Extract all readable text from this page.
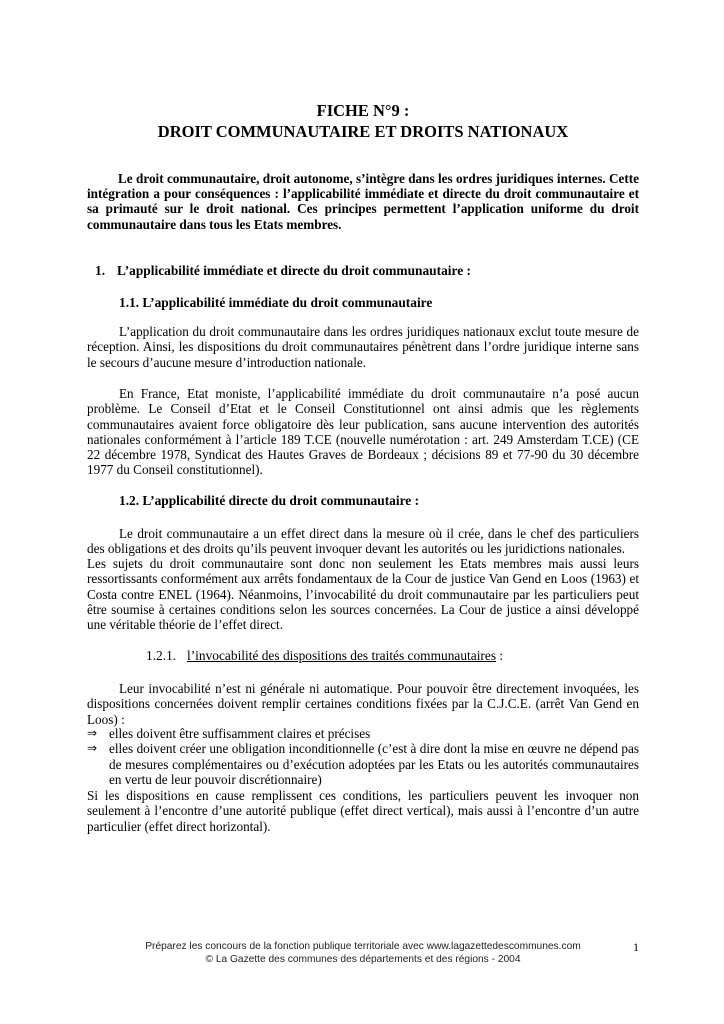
FICHE N°9 :
DROIT COMMUNAUTAIRE ET DROITS NATIONAUX

Le droit communautaire, droit autonome, s’intègre dans les ordres juridiques internes. Cette intégration a pour conséquences : l’applicabilité immédiate et directe du droit communautaire et sa primauté sur le droit national. Ces principes permettent l’application uniforme du droit communautaire dans tous les Etats membres.

1. L’applicabilité immédiate et directe du droit communautaire :
1.1. L’applicabilité immédiate du droit communautaire

L’application du droit communautaire dans les ordres juridiques nationaux exclut toute mesure de réception. Ainsi, les dispositions du droit communautaires pénètrent dans l’ordre juridique interne sans le secours d’aucune mesure d’introduction nationale.

En France, Etat moniste, l’applicabilité immédiate du droit communautaire n’a posé aucun problème. Le Conseil d’Etat et le Conseil Constitutionnel ont ainsi admis que les règlements communautaires avaient force obligatoire dès leur publication, sans aucune intervention des autorités nationales conformément à l’article 189 T.CE (nouvelle numérotation : art. 249 Amsterdam T.CE) (CE 22 décembre 1978, Syndicat des Hautes Graves de Bordeaux ; décisions 89 et 77-90 du 30 décembre 1977 du Conseil constitutionnel).

1.2. L’applicabilité directe du droit communautaire :

Le droit communautaire a un effet direct dans la mesure où il crée, dans le chef des particuliers des obligations et des droits qu’ils peuvent invoquer devant les autorités ou les juridictions nationales.

Les sujets du droit communautaire sont donc non seulement les Etats membres mais aussi leurs ressortissants conformément aux arrêts fondamentaux de la Cour de justice Van Gend en Loos (1963) et Costa contre ENEL (1964). Néanmoins, l’invocabilité du droit communautaire par les particuliers peut être soumise à certaines conditions selon les sources concernées. La Cour de justice a ainsi développé une véritable théorie de l’effet direct.

1.2.1. l’invocabilité des dispositions des traités communautaires :

Leur invocabilité n’est ni générale ni automatique. Pour pouvoir être directement invoquées, les dispositions concernées doivent remplir certaines conditions fixées par la C.J.C.E. (arrêt Van Gend en Loos) :

⇒ elles doivent être suffisamment claires et précises
⇒ elles doivent créer une obligation inconditionnelle (c’est à dire dont la mise en œuvre ne dépend pas de mesures complémentaires ou d’exécution adoptées par les Etats ou les autorités communautaires en vertu de leur pouvoir discrétionnaire)

Si les dispositions en cause remplissent ces conditions, les particuliers peuvent les invoquer non seulement à l’encontre d’une autorité publique (effet direct vertical), mais aussi à l’encontre d’un autre particulier (effet direct horizontal).

Préparez les concours de la fonction publique territoriale avec www.lagazettedescommunes.com
© La Gazette des communes des départements et des régions - 2004
1
